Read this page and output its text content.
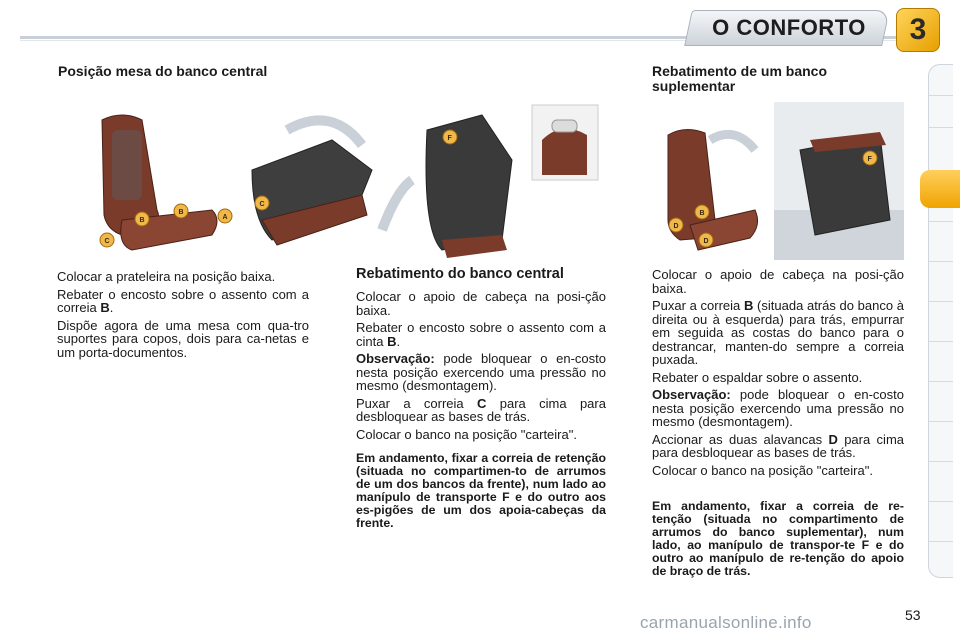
O CONFORTO	3
Posição mesa do banco central
B
B
A
C
C
F

Colocar a prateleira na posição baixa.

Rebater o encosto sobre o assento com a correia B.

Dispõe agora de uma mesa com qua-tro suportes para copos, dois para ca-netas e um porta-documentos.

Rebatimento do banco central

Colocar o apoio de cabeça na posi-ção baixa.

Rebater o encosto sobre o assento com a cinta B.

Observação: pode bloquear o en-costo nesta posição exercendo uma pressão no mesmo (desmontagem).

Puxar a correia C para cima para desbloquear as bases de trás.

Colocar o banco na posição "carteira".

Em andamento, fixar a correia de retenção (situada no compartimen-to de arrumos de um dos bancos da frente), num lado ao manípulo de transporte F e do outro aos es-pigões de um dos apoia-cabeças da frente.
Rebatimento de um banco suplementar
B
D
D
F

Colocar o apoio de cabeça na posi-ção baixa.

Puxar a correia B (situada atrás do banco à direita ou à esquerda) para trás, empurrar em seguida as costas do banco para o destrancar, manten-do sempre a correia puxada.

Rebater o espaldar sobre o assento.

Observação: pode bloquear o en-costo nesta posição exercendo uma pressão no mesmo (desmontagem).

Accionar as duas alavancas D para cima para desbloquear as bases de trás.

Colocar o banco na posição "carteira".

Em andamento, fixar a correia de re-tenção (situada no compartimento de arrumos do banco suplementar), num lado, ao manípulo de transpor-te F e do outro ao manípulo de re-tenção do apoio de braço de trás.
53
carmanualsonline.info
